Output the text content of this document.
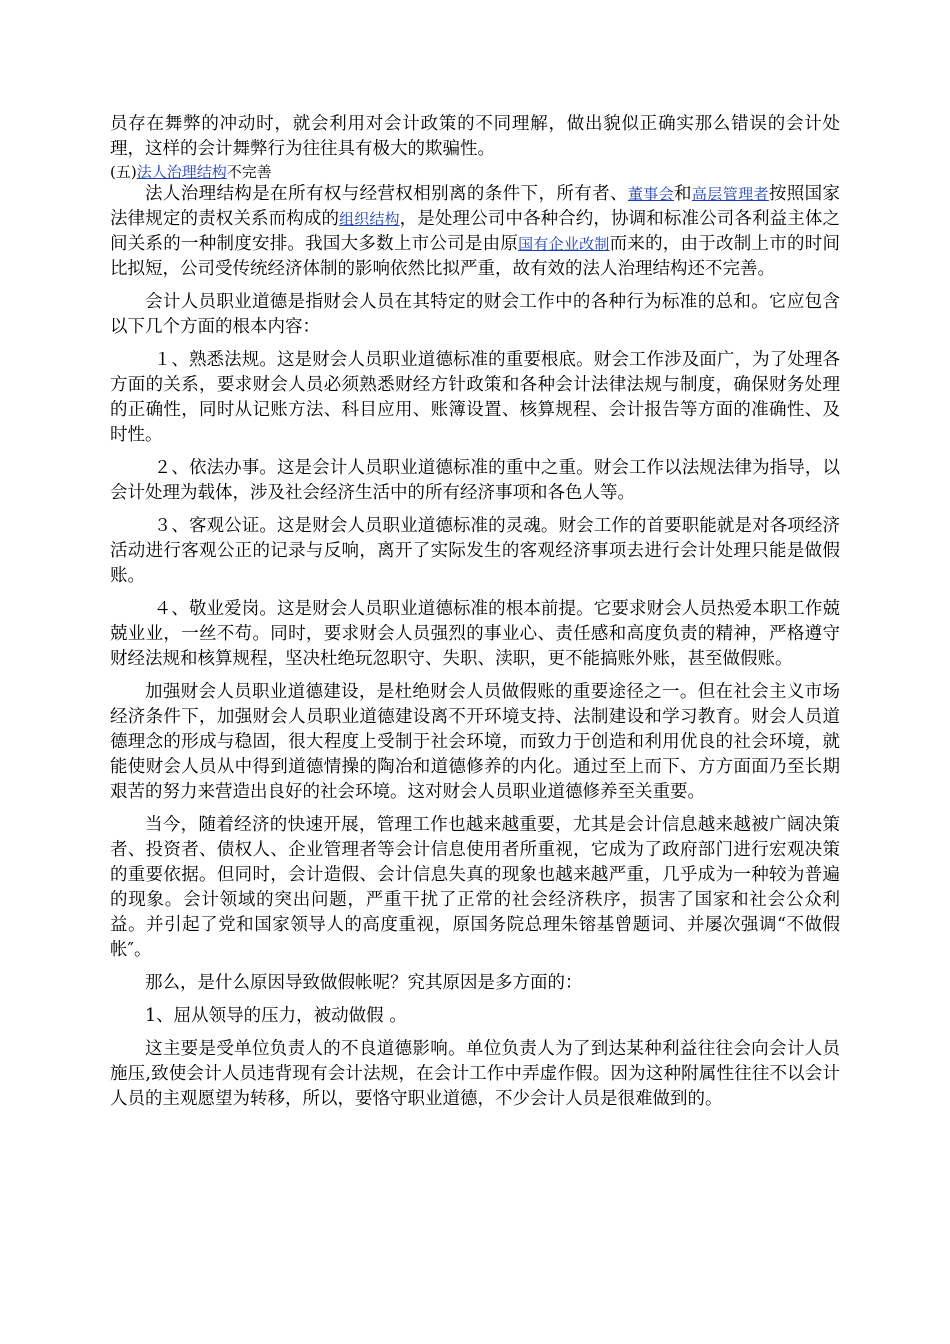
员存在舞弊的冲动时，就会利用对会计政策的不同理解，做出貌似正确实那么错误的会计处理，这样的会计舞弊行为往往具有极大的欺骗性。

(五)法人治理结构不完善

法人治理结构是在所有权与经营权相别离的条件下，所有者、董事会和高层管理者按照国家法律规定的责权关系而构成的组织结构，是处理公司中各种合约，协调和标准公司各利益主体之间关系的一种制度安排。我国大多数上市公司是由原国有企业改制而来的，由于改制上市的时间比拟短，公司受传统经济体制的影响依然比拟严重，故有效的法人治理结构还不完善。

会计人员职业道德是指财会人员在其特定的财会工作中的各种行为标准的总和。它应包含以下几个方面的根本内容：

１、熟悉法规。这是财会人员职业道德标准的重要根底。财会工作涉及面广，为了处理各方面的关系，要求财会人员必须熟悉财经方针政策和各种会计法律法规与制度，确保财务处理的正确性，同时从记账方法、科目应用、账簿设置、核算规程、会计报告等方面的准确性、及时性。

２、依法办事。这是会计人员职业道德标准的重中之重。财会工作以法规法律为指导，以会计处理为载体，涉及社会经济生活中的所有经济事项和各色人等。

３、客观公证。这是财会人员职业道德标准的灵魂。财会工作的首要职能就是对各项经济活动进行客观公正的记录与反响，离开了实际发生的客观经济事项去进行会计处理只能是做假账。

４、敬业爱岗。这是财会人员职业道德标准的根本前提。它要求财会人员热爱本职工作兢兢业业，一丝不苟。同时，要求财会人员强烈的事业心、责任感和高度负责的精神，严格遵守财经法规和核算规程，坚决杜绝玩忽职守、失职、渎职，更不能搞账外账，甚至做假账。

加强财会人员职业道德建设，是杜绝财会人员做假账的重要途径之一。但在社会主义市场经济条件下，加强财会人员职业道德建设离不开环境支持、法制建设和学习教育。财会人员道德理念的形成与稳固，很大程度上受制于社会环境，而致力于创造和利用优良的社会环境，就能使财会人员从中得到道德情操的陶冶和道德修养的内化。通过至上而下、方方面面乃至长期艰苦的努力来营造出良好的社会环境。这对财会人员职业道德修养至关重要。

当今，随着经济的快速开展，管理工作也越来越重要，尤其是会计信息越来越被广阔决策者、投资者、债权人、企业管理者等会计信息使用者所重视，它成为了政府部门进行宏观决策的重要依据。但同时，会计造假、会计信息失真的现象也越来越严重，几乎成为一种较为普遍的现象。会计领域的突出问题，严重干扰了正常的社会经济秩序，损害了国家和社会公众利益。并引起了党和国家领导人的高度重视，原国务院总理朱镕基曾题词、并屡次强调“不做假帐″。

那么，是什么原因导致做假帐呢？究其原因是多方面的：

1、屈从领导的压力，被动做假 。

这主要是受单位负责人的不良道德影响。单位负责人为了到达某种利益往往会向会计人员施压,致使会计人员违背现有会计法规，在会计工作中弄虚作假。因为这种附属性往往不以会计人员的主观愿望为转移，所以，要恪守职业道德，不少会计人员是很难做到的。
